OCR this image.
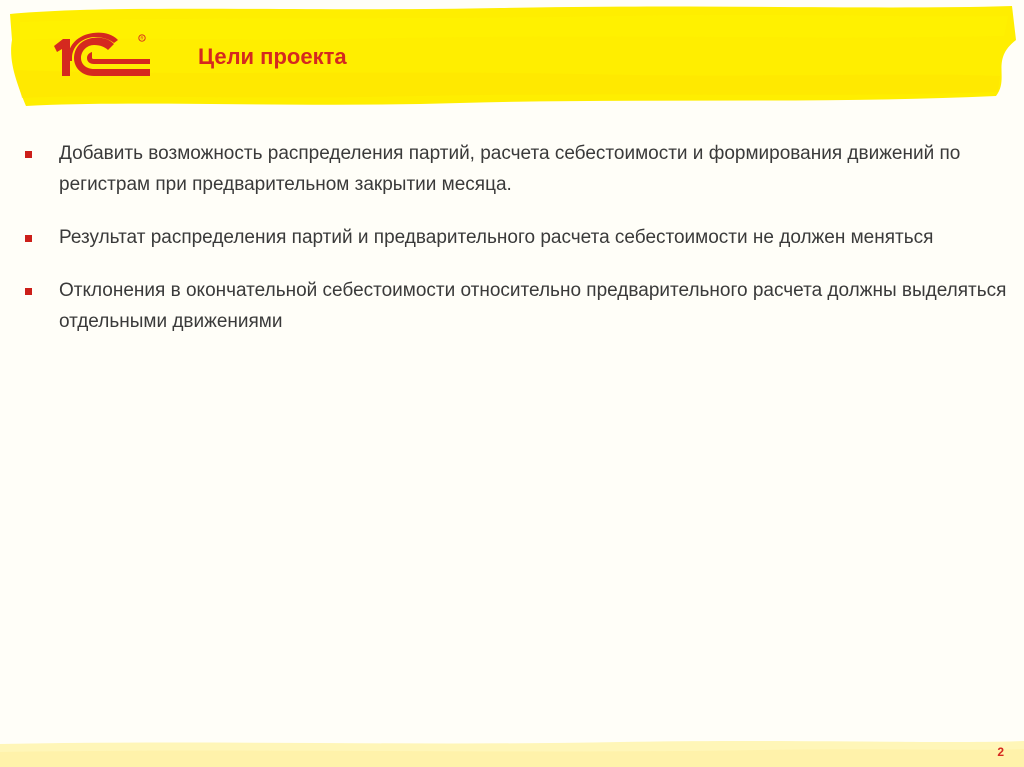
R
Цели проекта
Добавить возможность распределения партий, расчета себестоимости и формирования движений по регистрам при предварительном закрытии месяца.
Результат распределения партий и предварительного расчета себестоимости не должен меняться
Отклонения в окончательной себестоимости относительно предварительного расчета должны выделяться отдельными движениями
2
